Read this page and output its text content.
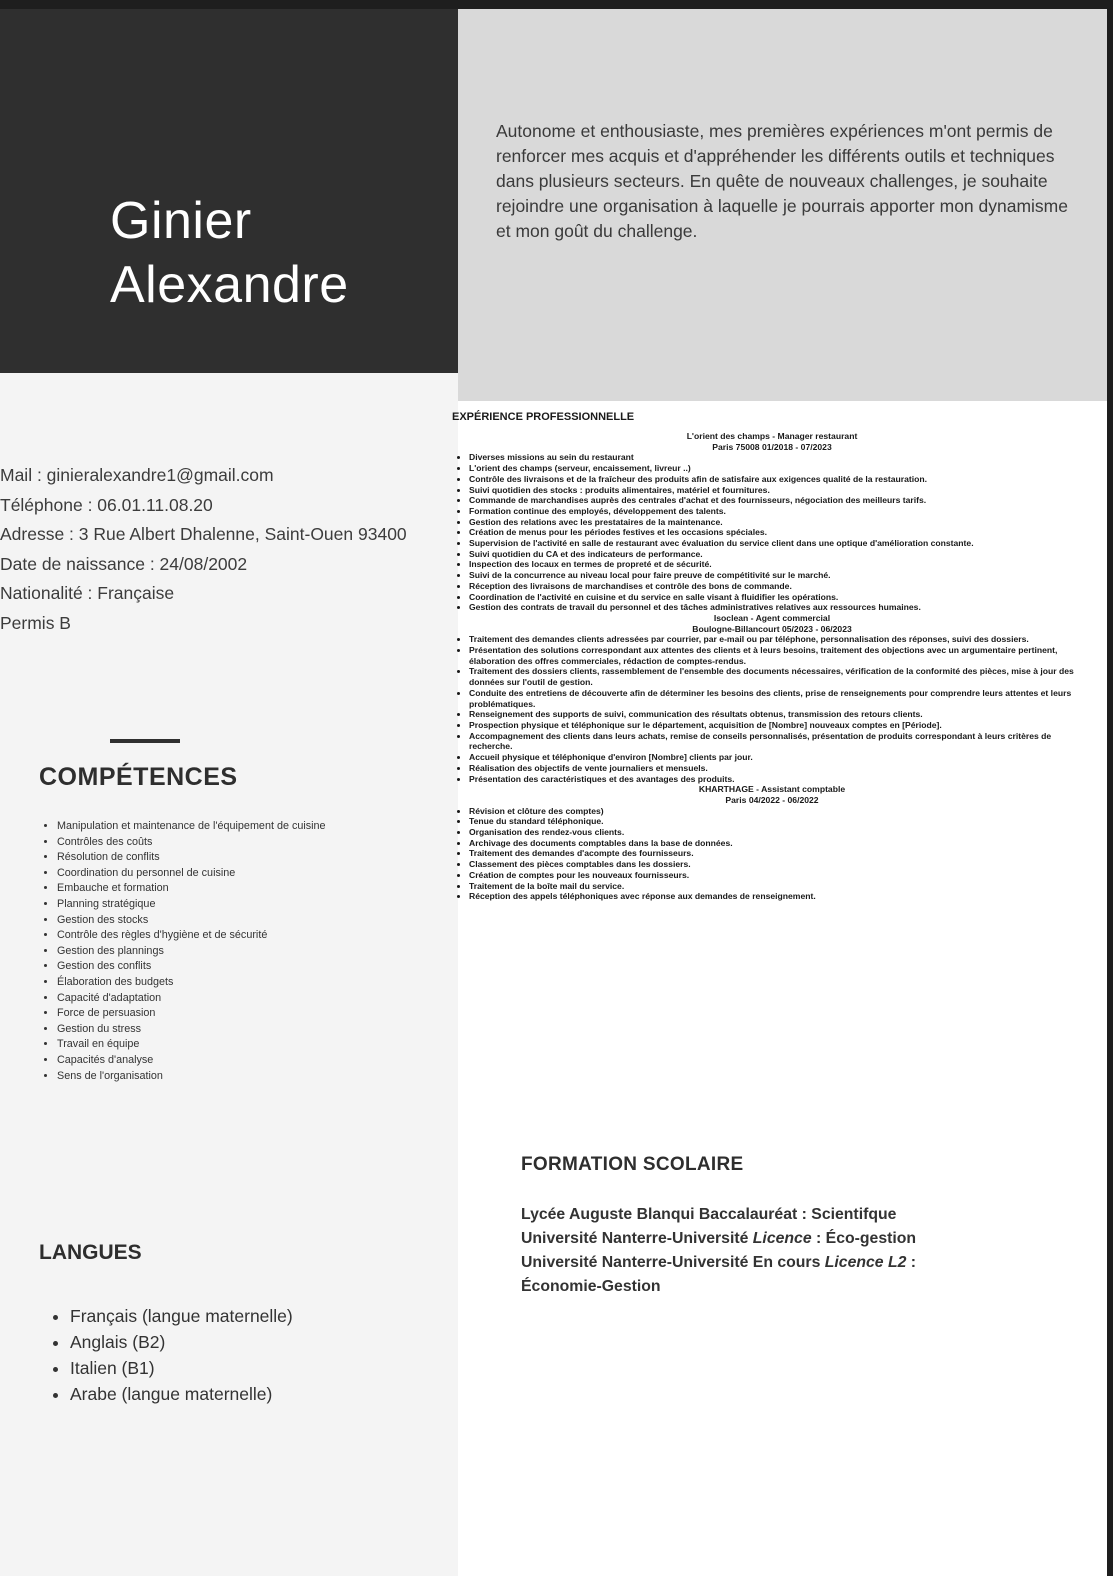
Ginier
Alexandre
Autonome et enthousiaste, mes premières expériences m'ont permis de renforcer mes acquis et d'appréhender les différents outils et techniques dans plusieurs secteurs. En quête de nouveaux challenges, je souhaite rejoindre une organisation à laquelle je pourrais apporter mon dynamisme et mon goût du challenge.
Mail : ginieralexandre1@gmail.com
Téléphone : 06.01.11.08.20
Adresse : 3 Rue Albert Dhalenne, Saint-Ouen 93400
Date de naissance : 24/08/2002
Nationalité : Française
Permis B
COMPÉTENCES
• Manipulation et maintenance de l'équipement de cuisine
• Contrôles des coûts
• Résolution de conflits
• Coordination du personnel de cuisine
• Embauche et formation
• Planning stratégique
• Gestion des stocks
• Contrôle des règles d'hygiène et de sécurité
• Gestion des plannings
• Gestion des conflits
• Élaboration des budgets
• Capacité d'adaptation
• Force de persuasion
• Gestion du stress
• Travail en équipe
• Capacités d'analyse
• Sens de l'organisation
LANGUES
• Français (langue maternelle)
• Anglais (B2)
• Italien (B1)
• Arabe (langue maternelle)
EXPÉRIENCE PROFESSIONNELLE
L'orient des champs - Manager restaurant
Paris 75008 01/2018 - 07/2023
• Diverses missions au sein du restaurant
• L'orient des champs (serveur, encaissement, livreur ..)
• Contrôle des livraisons et de la fraîcheur des produits afin de satisfaire aux exigences qualité de la restauration.
• Suivi quotidien des stocks : produits alimentaires, matériel et fournitures.
• Commande de marchandises auprès des centrales d'achat et des fournisseurs, négociation des meilleurs tarifs.
• Formation continue des employés, développement des talents.
• Gestion des relations avec les prestataires de la maintenance.
• Création de menus pour les périodes festives et les occasions spéciales.
• Supervision de l'activité en salle de restaurant avec évaluation du service client dans une optique d'amélioration constante.
• Suivi quotidien du CA et des indicateurs de performance.
• Inspection des locaux en termes de propreté et de sécurité.
• Suivi de la concurrence au niveau local pour faire preuve de compétitivité sur le marché.
• Réception des livraisons de marchandises et contrôle des bons de commande.
• Coordination de l'activité en cuisine et du service en salle visant à fluidifier les opérations.
• Gestion des contrats de travail du personnel et des tâches administratives relatives aux ressources humaines.
Isoclean - Agent commercial
Boulogne-Billancourt 05/2023 - 06/2023
• Traitement des demandes clients adressées par courrier, par e-mail ou par téléphone, personnalisation des réponses, suivi des dossiers.
• Présentation des solutions correspondant aux attentes des clients et à leurs besoins, traitement des objections avec un argumentaire pertinent, élaboration des offres commerciales, rédaction de comptes-rendus.
• Traitement des dossiers clients, rassemblement de l'ensemble des documents nécessaires, vérification de la conformité des pièces, mise à jour des données sur l'outil de gestion.
• Conduite des entretiens de découverte afin de déterminer les besoins des clients, prise de renseignements pour comprendre leurs attentes et leurs problématiques.
• Renseignement des supports de suivi, communication des résultats obtenus, transmission des retours clients.
• Prospection physique et téléphonique sur le département, acquisition de [Nombre] nouveaux comptes en [Période].
• Accompagnement des clients dans leurs achats, remise de conseils personnalisés, présentation de produits correspondant à leurs critères de recherche.
• Accueil physique et téléphonique d'environ [Nombre] clients par jour.
• Réalisation des objectifs de vente journaliers et mensuels.
• Présentation des caractéristiques et des avantages des produits.
KHARTHAGE - Assistant comptable
Paris 04/2022 - 06/2022
• Révision et clôture des comptes)
• Tenue du standard téléphonique.
• Organisation des rendez-vous clients.
• Archivage des documents comptables dans la base de données.
• Traitement des demandes d'acompte des fournisseurs.
• Classement des pièces comptables dans les dossiers.
• Création de comptes pour les nouveaux fournisseurs.
• Traitement de la boîte mail du service.
• Réception des appels téléphoniques avec réponse aux demandes de renseignement.
FORMATION SCOLAIRE
Lycée Auguste Blanqui Baccalauréat : Scientifque
Université Nanterre-Université Licence : Éco-gestion
Université Nanterre-Université En cours Licence L2 : Économie-Gestion
